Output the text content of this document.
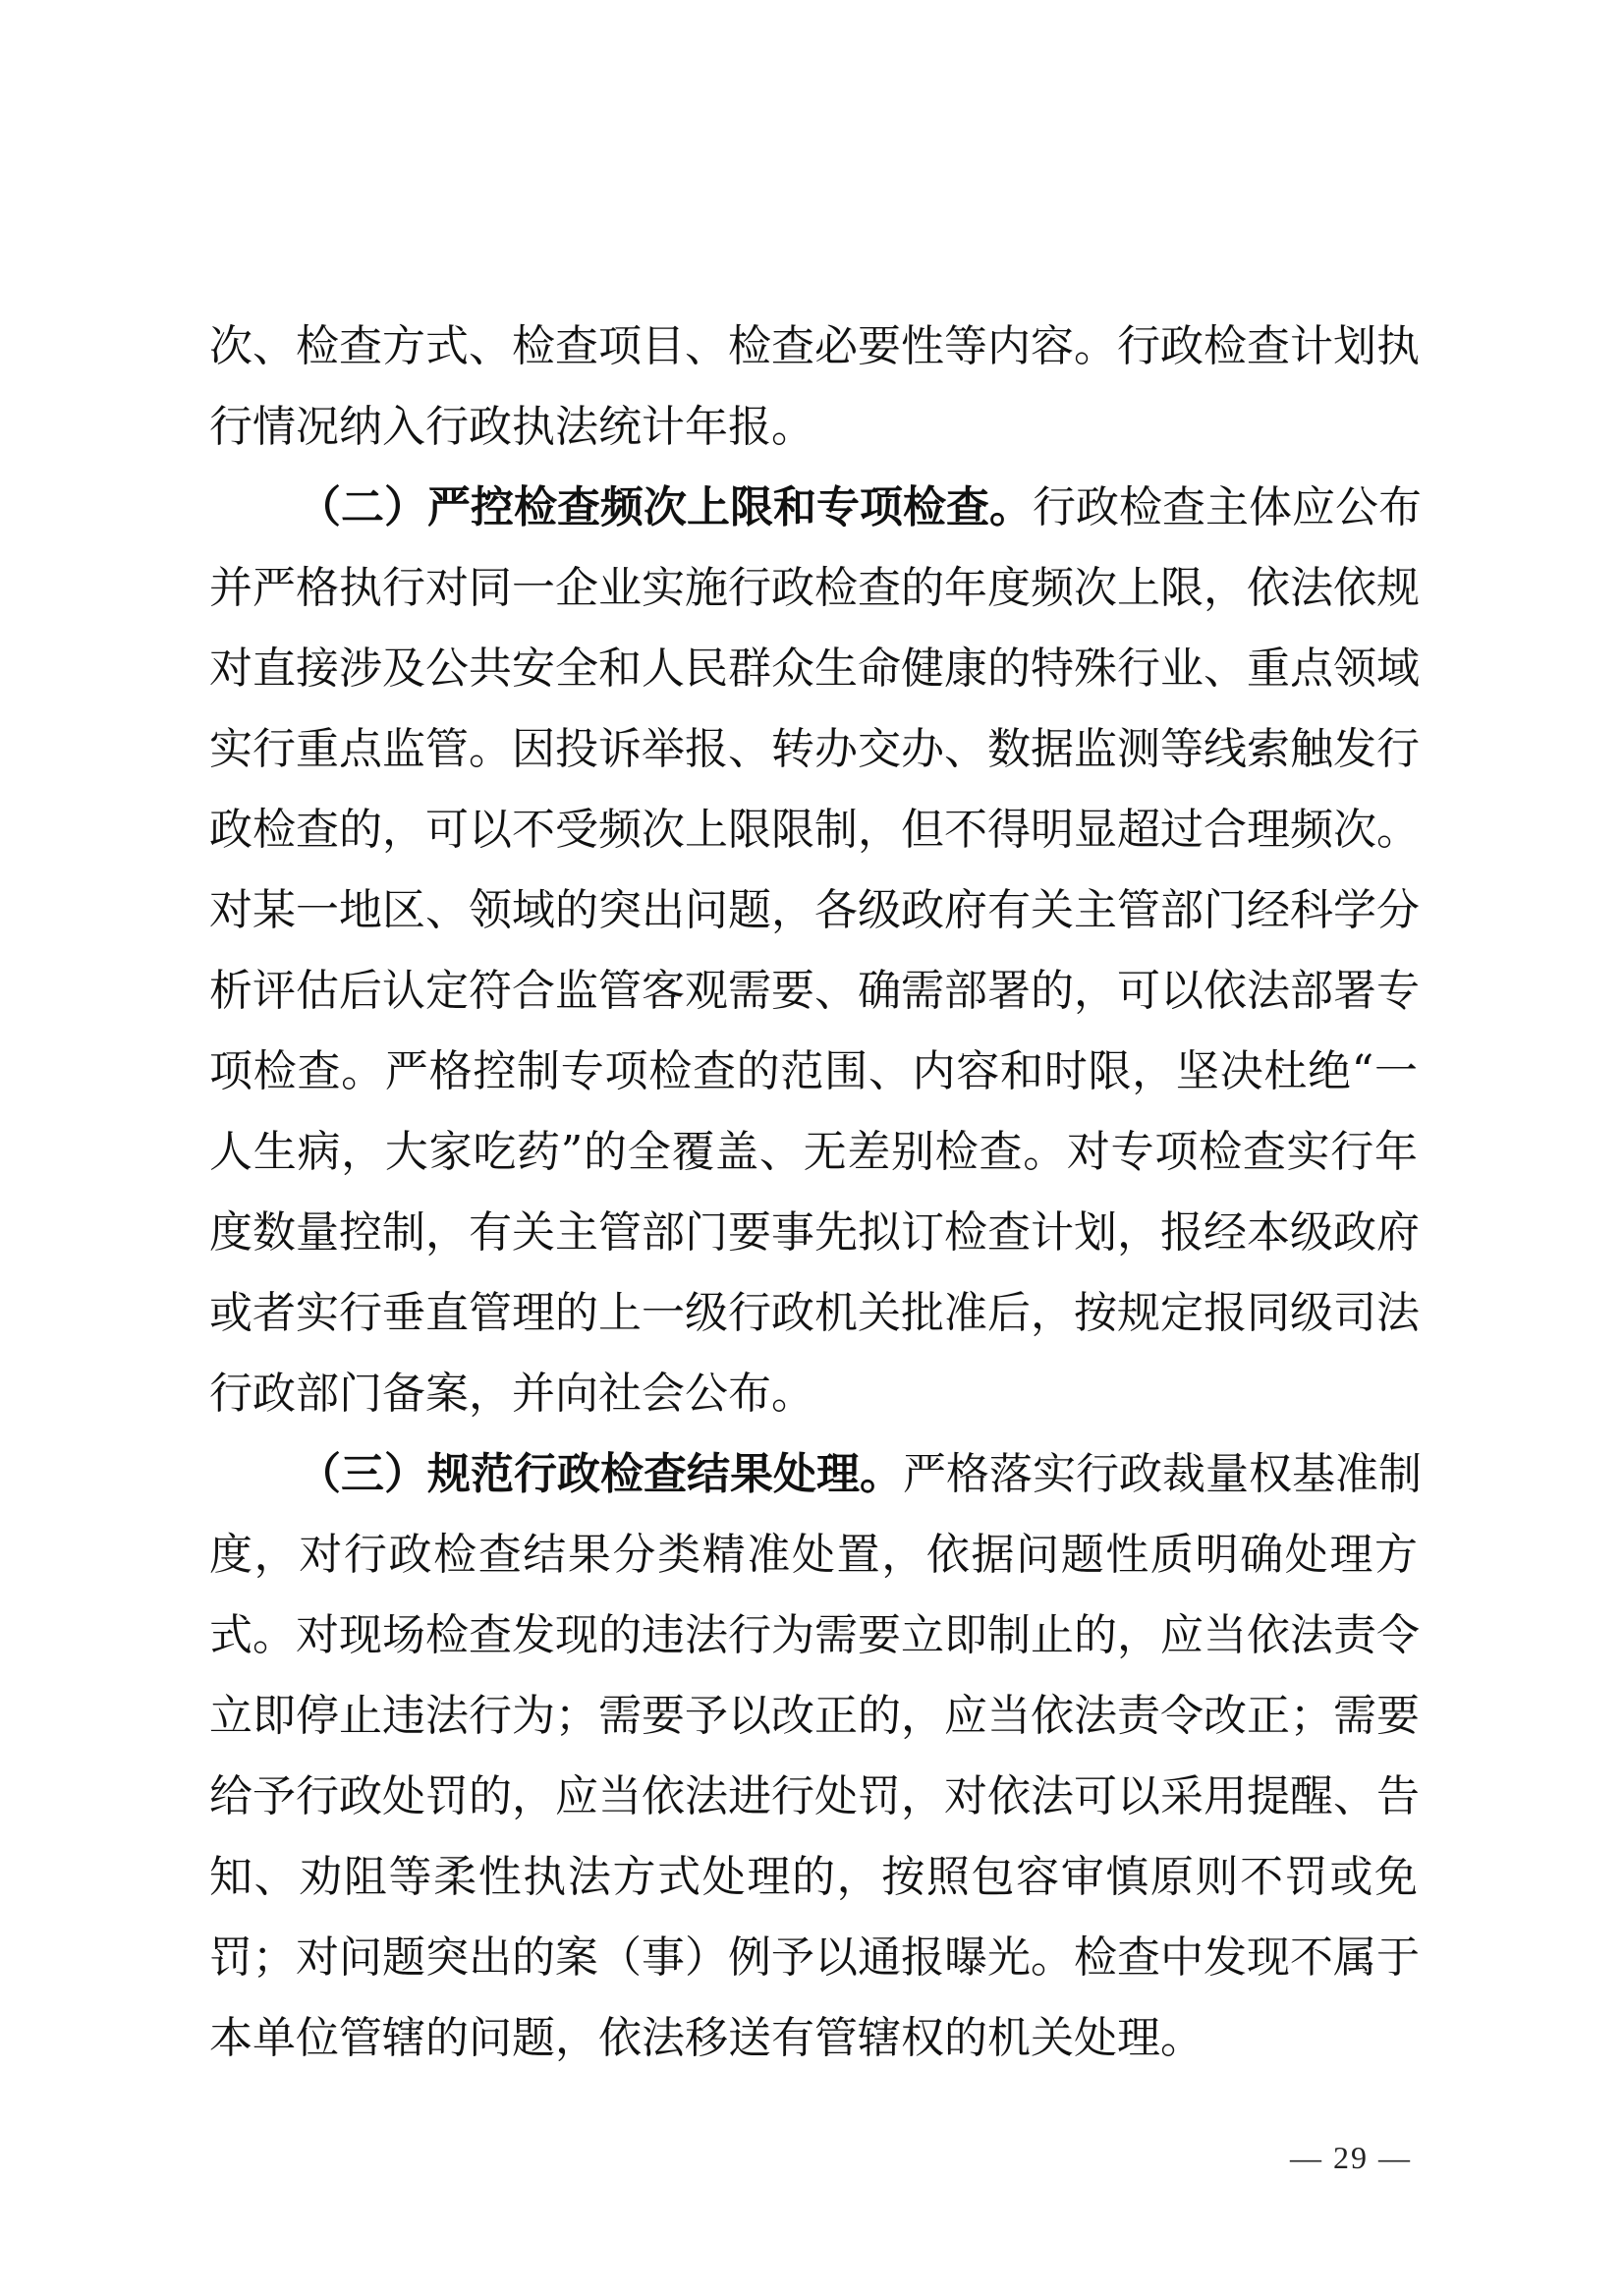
次、检查方式、检查项目、检查必要性等内容。行政检查计划执
行情况纳入行政执法统计年报。
（二）严控检查频次上限和专项检查。行政检查主体应公布
并严格执行对同一企业实施行政检查的年度频次上限，依法依规
对直接涉及公共安全和人民群众生命健康的特殊行业、重点领域
实行重点监管。因投诉举报、转办交办、数据监测等线索触发行
政检查的，可以不受频次上限限制，但不得明显超过合理频次。
对某一地区、领域的突出问题，各级政府有关主管部门经科学分
析评估后认定符合监管客观需要、确需部署的，可以依法部署专
项检查。严格控制专项检查的范围、内容和时限，坚决杜绝“一
人生病，大家吃药”的全覆盖、无差别检查。对专项检查实行年
度数量控制，有关主管部门要事先拟订检查计划，报经本级政府
或者实行垂直管理的上一级行政机关批准后，按规定报同级司法
行政部门备案，并向社会公布。
（三）规范行政检查结果处理。严格落实行政裁量权基准制
度，对行政检查结果分类精准处置，依据问题性质明确处理方
式。对现场检查发现的违法行为需要立即制止的，应当依法责令
立即停止违法行为；需要予以改正的，应当依法责令改正；需要
给予行政处罚的，应当依法进行处罚，对依法可以采用提醒、告
知、劝阻等柔性执法方式处理的，按照包容审慎原则不罚或免
罚；对问题突出的案（事）例予以通报曝光。检查中发现不属于
本单位管辖的问题，依法移送有管辖权的机关处理。
— 29 —
